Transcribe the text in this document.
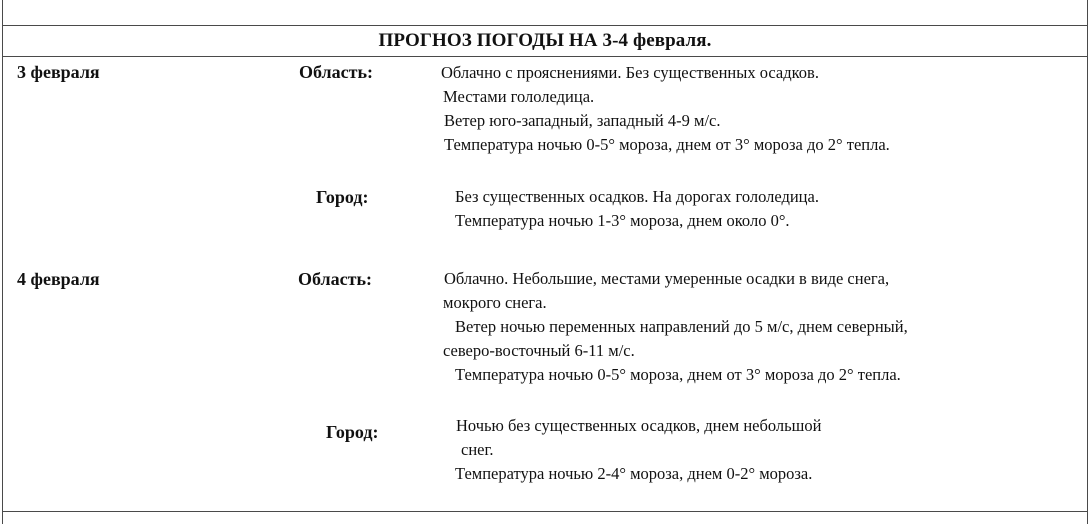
ПРОГНОЗ ПОГОДЫ НА 3-4 февраля.
3 февраля	Область:	Облачно с прояснениями. Без существенных осадков.
Местами гололедица.
Ветер юго-западный, западный 4-9 м/с.
Температура ночью 0-5° мороза, днем от 3° мороза до 2° тепла.
Город:	Без существенных осадков. На дорогах гололедица.
Температура ночью 1-3° мороза, днем около 0°.
4 февраля	Область:	Облачно. Небольшие, местами умеренные осадки в виде снега,
мокрого снега.
Ветер ночью переменных направлений до 5 м/с, днем северный,
северо-восточный 6-11 м/с.
Температура ночью 0-5° мороза, днем от 3° мороза до 2° тепла.
Город:	Ночью без существенных осадков, днем небольшой
снег.
Температура ночью 2-4° мороза, днем 0-2° мороза.
